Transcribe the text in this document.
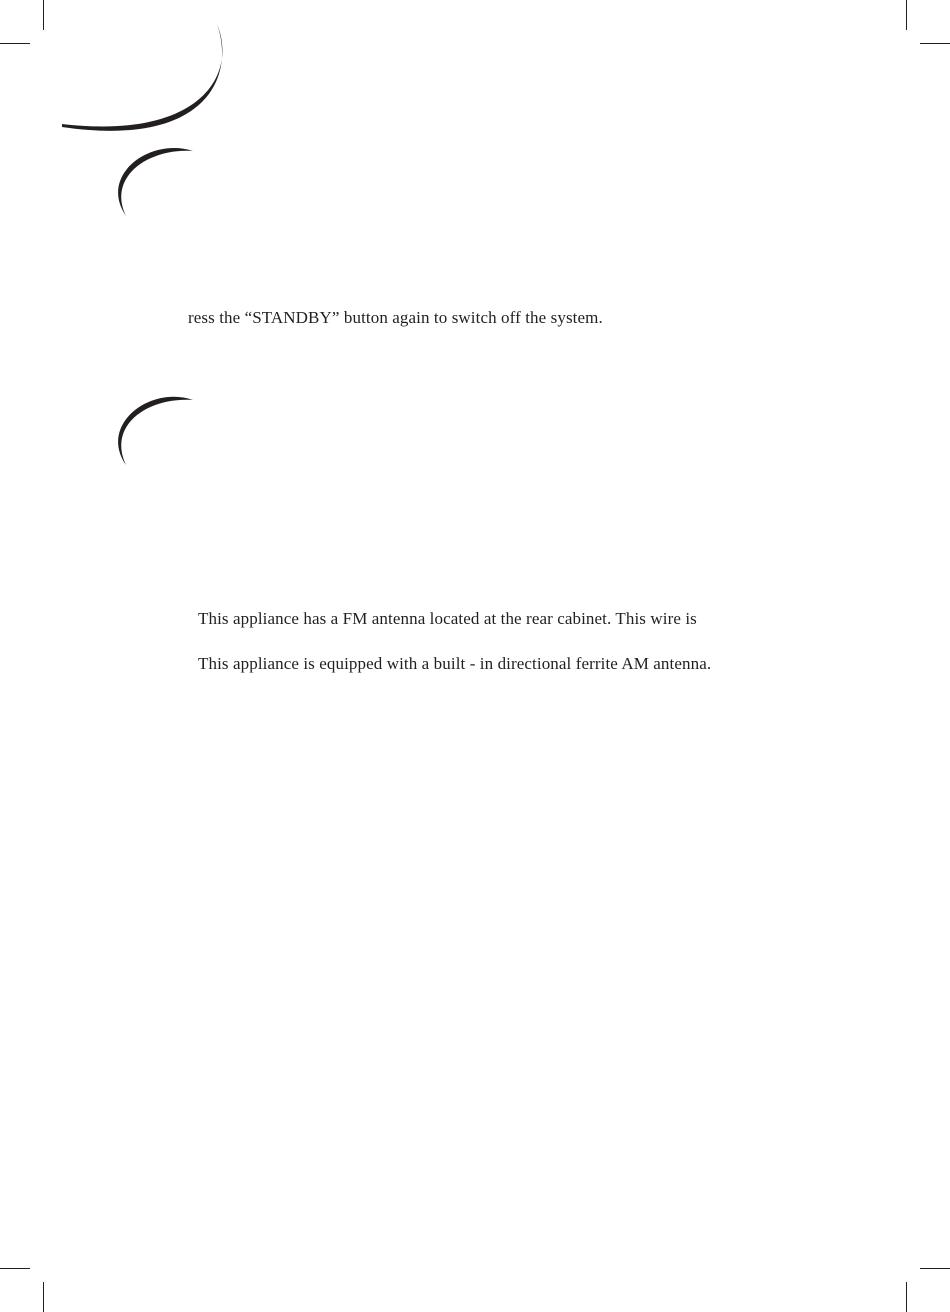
ress the “STANDBY” button again to switch off the system.
This appliance has a FM antenna located at the rear cabinet. This wire is
This appliance is equipped with a built - in directional ferrite AM antenna.
